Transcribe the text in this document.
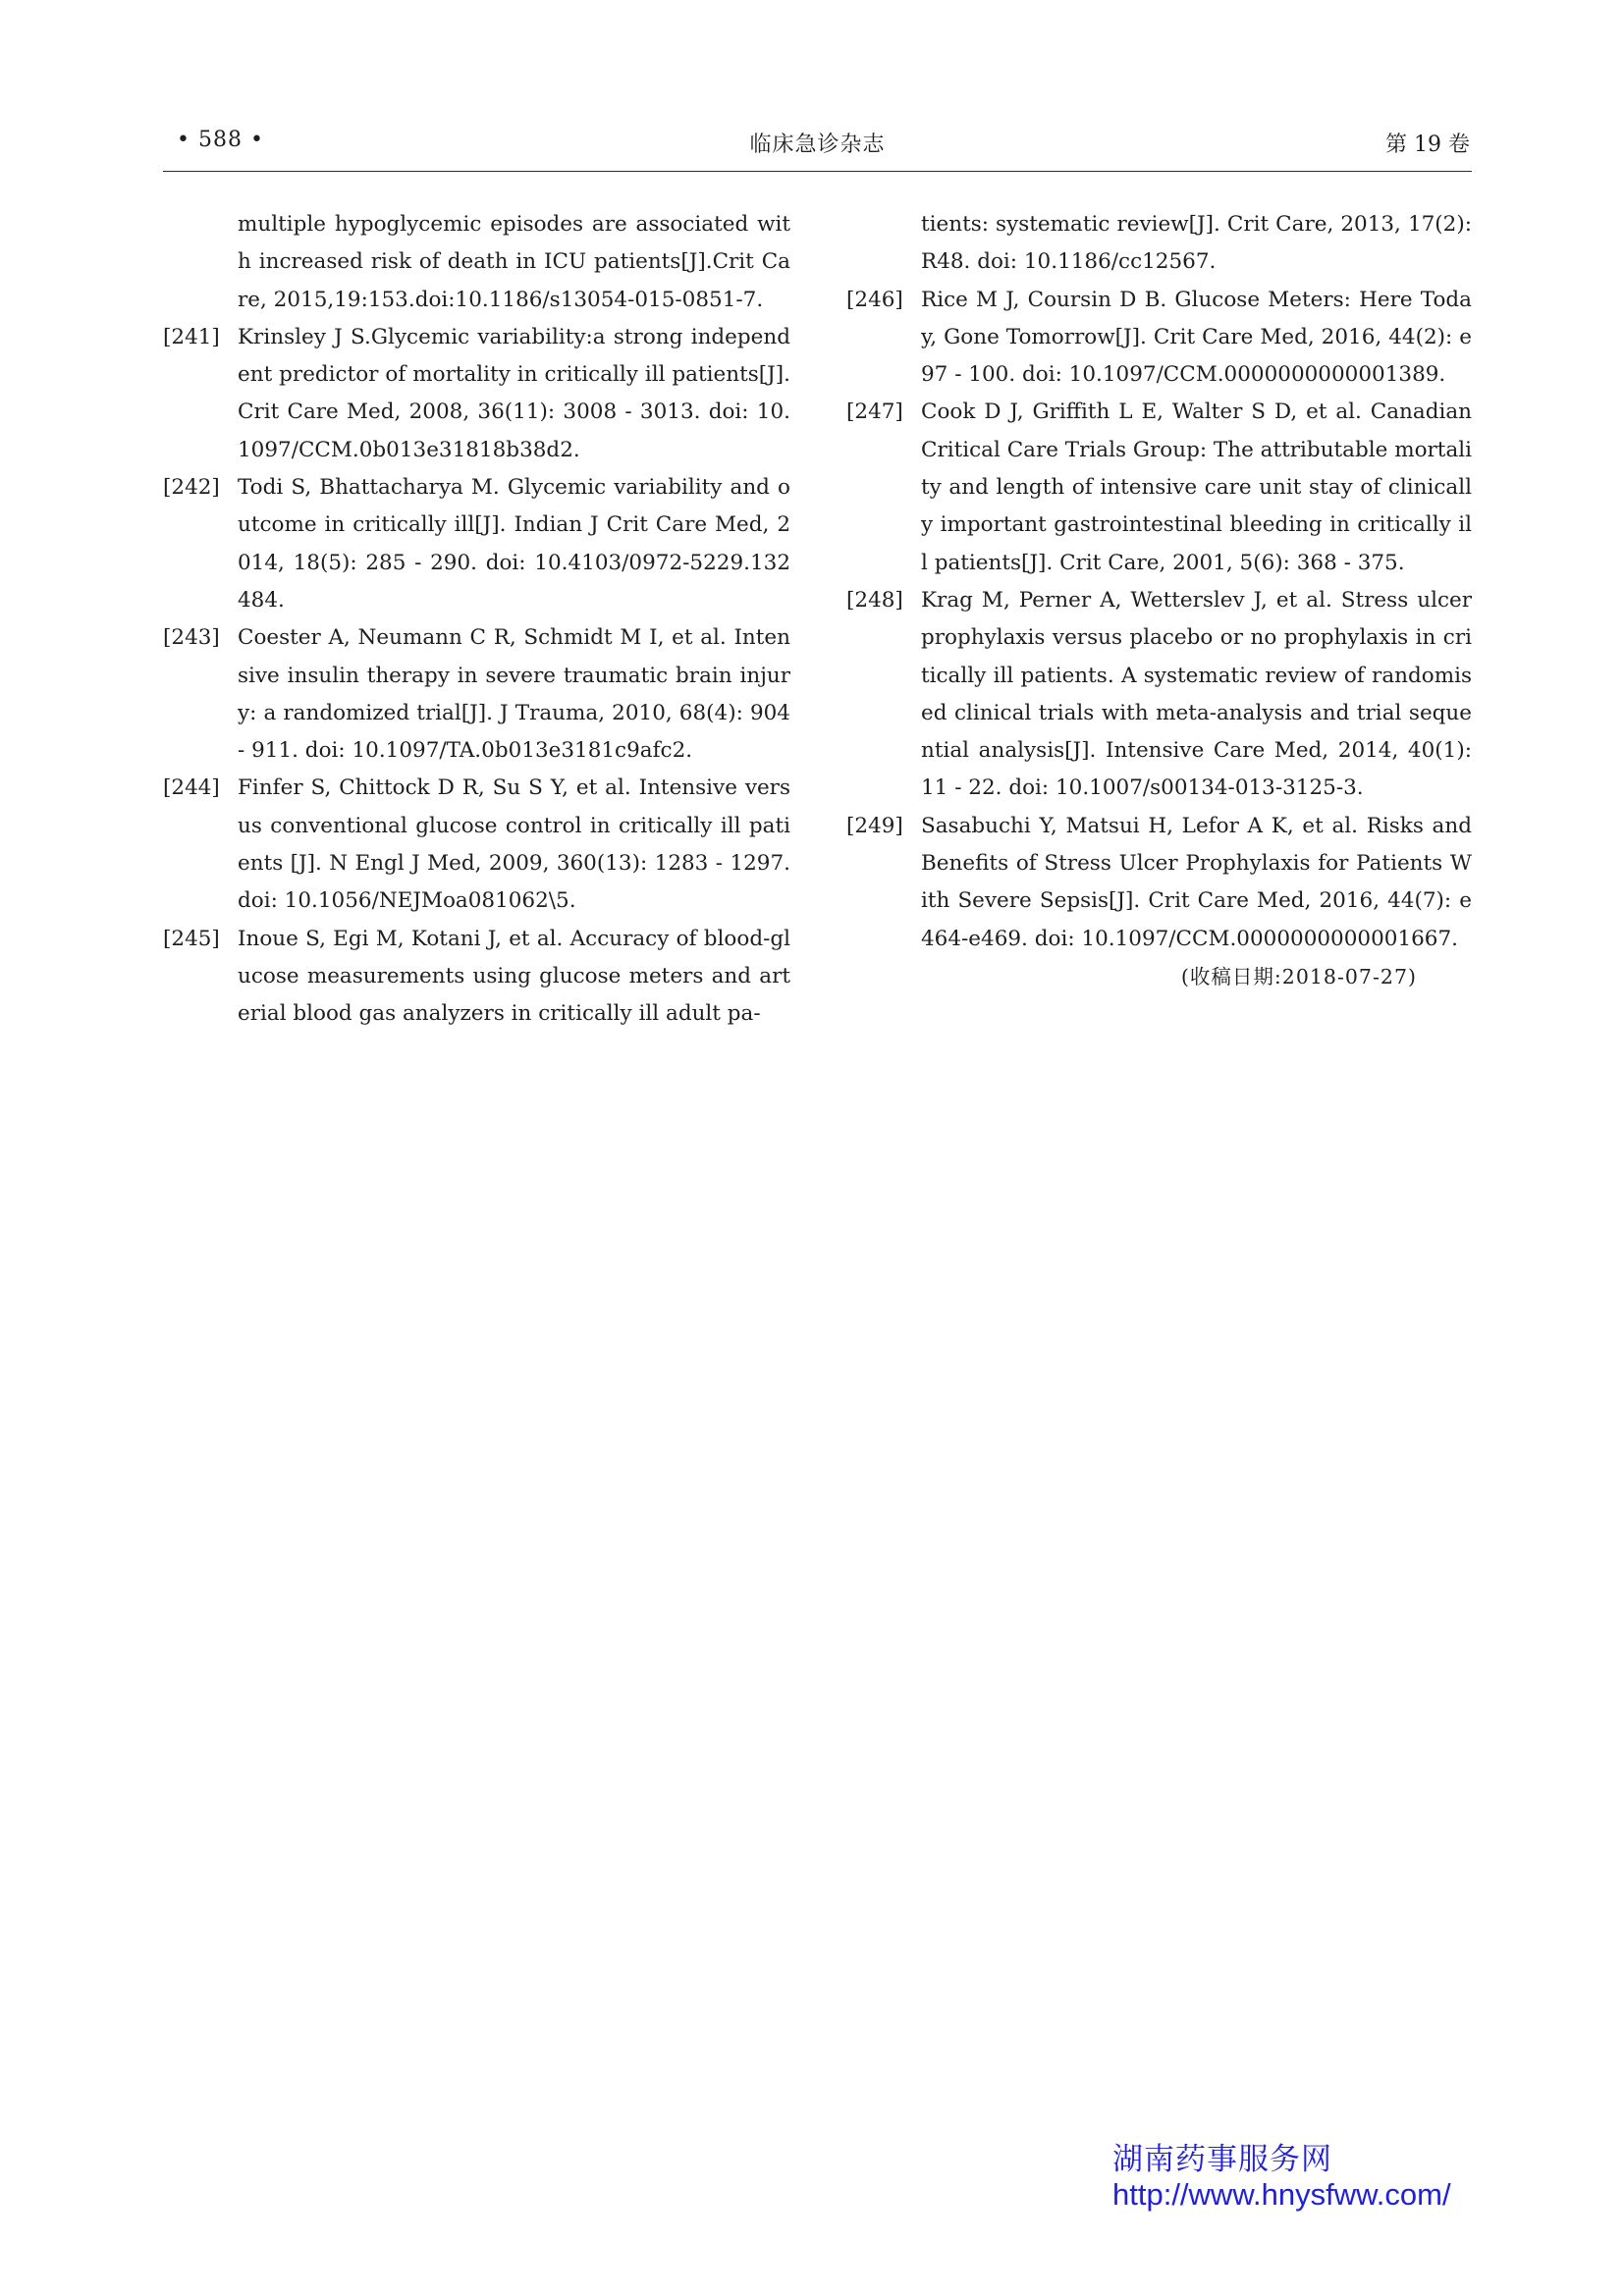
• 588 •	临床急诊杂志	第 19 卷
multiple hypoglycemic episodes are associated with increased risk of death in ICU patients[J].Crit Care, 2015,19:153.doi:10.1186/s13054-015-0851-7.
[241] Krinsley J S.Glycemic variability:a strong independent predictor of mortality in critically ill patients[J]. Crit Care Med, 2008, 36(11): 3008 - 3013. doi: 10.1097/CCM.0b013e31818b38d2.
[242] Todi S, Bhattacharya M. Glycemic variability and outcome in critically ill[J]. Indian J Crit Care Med, 2014, 18(5): 285 - 290. doi: 10.4103/0972-5229.132484.
[243] Coester A, Neumann C R, Schmidt M I, et al. Intensive insulin therapy in severe traumatic brain injury: a randomized trial[J]. J Trauma, 2010, 68(4): 904 - 911. doi: 10.1097/TA.0b013e3181c9afc2.
[244] Finfer S, Chittock D R, Su S Y, et al. Intensive versus conventional glucose control in critically ill patients [J]. N Engl J Med, 2009, 360(13): 1283 - 1297. doi: 10.1056/NEJMoa081062\5.
[245] Inoue S, Egi M, Kotani J, et al. Accuracy of blood-glucose measurements using glucose meters and arterial blood gas analyzers in critically ill adult pa-
tients: systematic review[J]. Crit Care, 2013, 17(2): R48. doi: 10.1186/cc12567.
[246] Rice M J, Coursin D B. Glucose Meters: Here Today, Gone Tomorrow[J]. Crit Care Med, 2016, 44(2): e97 - 100. doi: 10.1097/CCM.0000000000001389.
[247] Cook D J, Griffith L E, Walter S D, et al. Canadian Critical Care Trials Group: The attributable mortality and length of intensive care unit stay of clinically important gastrointestinal bleeding in critically ill patients[J]. Crit Care, 2001, 5(6): 368 - 375.
[248] Krag M, Perner A, Wetterslev J, et al. Stress ulcer prophylaxis versus placebo or no prophylaxis in critically ill patients. A systematic review of randomised clinical trials with meta-analysis and trial sequential analysis[J]. Intensive Care Med, 2014, 40(1): 11 - 22. doi: 10.1007/s00134-013-3125-3.
[249] Sasabuchi Y, Matsui H, Lefor A K, et al. Risks and Benefits of Stress Ulcer Prophylaxis for Patients With Severe Sepsis[J]. Crit Care Med, 2016, 44(7): e464-e469. doi: 10.1097/CCM.0000000000001667.
(收稿日期:2018-07-27)
湖南药事服务网
http://www.hnysfww.com/
